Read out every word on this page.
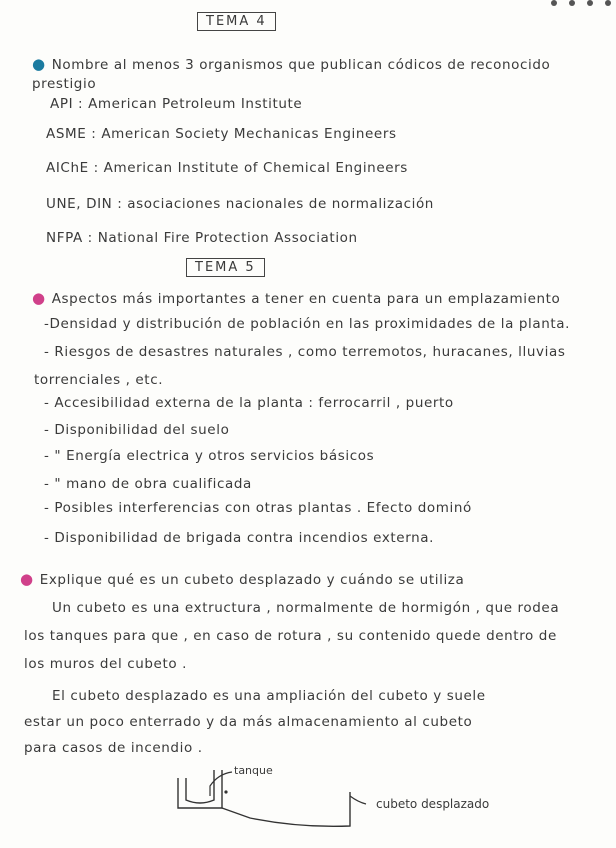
TEMA 4
● Nombre al menos 3 organismos que publican códicos de reconocido
prestigio
API : American Petroleum Institute
ASME : American Society Mechanicas Engineers
AIChE : American Institute of Chemical Engineers
UNE, DIN : asociaciones nacionales de normalización
NFPA : National Fire Protection Association
TEMA 5
● Aspectos más importantes a tener en cuenta para un emplazamiento
-Densidad y distribución de población en las proximidades de la planta.
- Riesgos de desastres naturales , como terremotos, huracanes, lluvias
torrenciales , etc.
- Accesibilidad externa de la planta : ferrocarril , puerto
- Disponibilidad del suelo
- " Energía electrica y otros servicios básicos
- " mano de obra cualificada
- Posibles interferencias con otras plantas . Efecto dominó
- Disponibilidad de brigada contra incendios externa.
● Explique qué es un cubeto desplazado y cuándo se utiliza
Un cubeto es una extructura , normalmente de hormigón , que rodea
los tanques para que , en caso de rotura , su contenido quede dentro de
los muros del cubeto .
El cubeto desplazado es una ampliación del cubeto y suele
estar un poco enterrado y da más almacenamiento al cubeto
para casos de incendio .
tanque
cubeto desplazado
